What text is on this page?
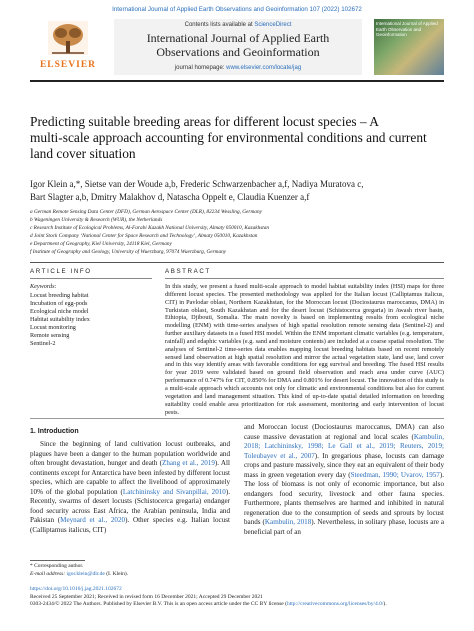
International Journal of Applied Earth Observations and Geoinformation 107 (2022) 102672
ELSEVIER
Contents lists available at ScienceDirect
International Journal of Applied Earth
Observations and Geoinformation
journal homepage: www.elsevier.com/locate/jag
International Journal of Applied Earth Observation and Geoinformation
Predicting suitable breeding areas for different locust species – A
multi-scale approach accounting for environmental conditions and current
land cover situation
Igor Klein a,*, Sietse van der Woude a,b, Frederic Schwarzenbacher a,f, Nadiya Muratova c,
Bart Slagter a,b, Dmitry Malakhov d, Natascha Oppelt e, Claudia Kuenzer a,f
a German Remote Sensing Data Center (DFD), German Aerospace Center (DLR), 82234 Wessling, Germany
b Wageningen University & Research (WUR), the Netherlands
c Research Institute of Ecological Problems, Al-Farabi Kazakh National University, Almaty 050010, Kazakhstan
d Joint Stock Company ‘National Center for Space Research and Technology’, Almaty 050010, Kazakhstan
e Department of Geography, Kiel University, 24118 Kiel, Germany
f Institute of Geography and Geology, University of Wuerzburg, 97074 Wuerzburg, Germany
ARTICLE INFO	ABSTRACT
Keywords:
Locust breeding habitat
Incubation of egg-pods
Ecological niche model
Habitat suitability index
Locust monitoring
Remote sensing
Sentinel-2
In this study, we present a fused multi-scale approach to model habitat suitability index (HSI) maps for three different locust species. The presented methodology was applied for the Italian locust (Calliptamus italicus, CIT) in Pavlodar oblast, Northern Kazakhstan, for the Moroccan locust (Dociostaurus maroccanus, DMA) in Turkistan oblast, South Kazakhstan and for the desert locust (Schistocerca gregaria) in Awash river basin, Ethiopia, Djibouti, Somalia. The main novelty is based on implementing results from ecological niche modelling (ENM) with time-series analyses of high spatial resolution remote sensing data (Sentinel-2) and further auxiliary datasets in a fused HSI model. Within the ENM important climatic variables (e.g. temperature, rainfall) and edaphic variables (e.g. sand and moisture contents) are included at a coarse spatial resolution. The analyses of Sentinel-2 time-series data enables mapping locust breeding habitats based on recent remotely sensed land observation at high spatial resolution and mirror the actual vegetation state, land use, land cover and in this way identify areas with favorable conditions for egg survival and breeding. The fused HSI results for year 2019 were validated based on ground field observation and reach area under curve (AUC) performance of 0.747% for CIT, 0.850% for DMA and 0.801% for desert locust. The innovation of this study is a multi-scale approach which accounts not only for climatic and environmental conditions but also for current vegetation and land management situation. This kind of up-to-date spatial detailed information on breeding suitability could enable area prioritization for risk assessment, monitoring and early intervention of locust pests.
1. Introduction
Since the beginning of land cultivation locust outbreaks, and plagues have been a danger to the human population worldwide and often brought devastation, hunger and death (Zhang et al., 2019). All continents except for Antarctica have been infested by different locust species, which are capable to affect the livelihood of approximately 10% of the global population (Latchininsky and Sivanpillai, 2010). Recently, swarms of desert locusts (Schistocerca gregaria) endanger food security across East Africa, the Arabian peninsula, India and Pakistan (Meynard et al., 2020). Other species e.g. Italian locust (Calliptamus italicus, CIT)
and Moroccan locust (Dociostaurus maroccanus, DMA) can also cause massive devastation at regional and local scales (Kambulin, 2018; Latchininsky, 1998; Le Gall et al., 2019; Reuters, 2019; Toleubayev et al., 2007). In gregarious phase, locusts can damage crops and pasture massively, since they eat an equivalent of their body mass in green vegetation every day (Steedman, 1990; Uvarov, 1957). The loss of biomass is not only of economic importance, but also endangers food security, livestock and other fauna species. Furthermore, plants themselves are harmed and inhibited in natural regeneration due to the consumption of seeds and sprouts by locust bands (Kambulin, 2018). Nevertheless, in solitary phase, locusts are a beneficial part of an
* Corresponding author.
E-mail address: igor.klein@dlr.de (I. Klein).
https://doi.org/10.1016/j.jag.2021.102672
Received 25 September 2021; Received in revised form 16 December 2021; Accepted 29 December 2021
0303-2434/© 2022 The Authors. Published by Elsevier B.V. This is an open access article under the CC BY license (http://creativecommons.org/licenses/by/4.0/).
